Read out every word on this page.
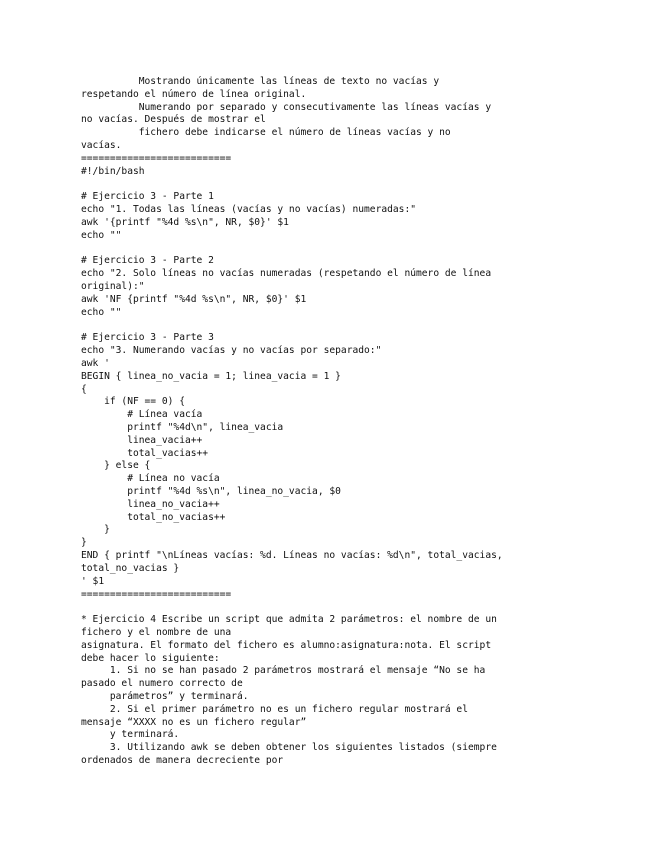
Mostrando únicamente las líneas de texto no vacías y
respetando el número de línea original.
Numerando por separado y consecutivamente las líneas vacías y
no vacías. Después de mostrar el
fichero debe indicarse el número de líneas vacías y no
vacías.
==========================
#!/bin/bash
# Ejercicio 3 - Parte 1
echo "1. Todas las líneas (vacías y no vacías) numeradas:"
awk '{printf "%4d %s\n", NR, $0}' $1
echo ""
# Ejercicio 3 - Parte 2
echo "2. Solo líneas no vacías numeradas (respetando el número de línea
original):"
awk 'NF {printf "%4d %s\n", NR, $0}' $1
echo ""
# Ejercicio 3 - Parte 3
echo "3. Numerando vacías y no vacías por separado:"
awk '
BEGIN { linea_no_vacia = 1; linea_vacia = 1 }
{
if (NF == 0) {
# Línea vacía
printf "%4d\n", linea_vacia
linea_vacia++
total_vacias++
} else {
# Línea no vacía
printf "%4d %s\n", linea_no_vacia, $0
linea_no_vacia++
total_no_vacias++
}
}
END { printf "\nLíneas vacías: %d. Líneas no vacías: %d\n", total_vacias,
total_no_vacias }
' $1
==========================
* Ejercicio 4 Escribe un script que admita 2 parámetros: el nombre de un
fichero y el nombre de una
asignatura. El formato del fichero es alumno:asignatura:nota. El script
debe hacer lo siguiente:
1. Si no se han pasado 2 parámetros mostrará el mensaje “No se ha
pasado el numero correcto de
parámetros” y terminará.
2. Si el primer parámetro no es un fichero regular mostrará el
mensaje “XXXX no es un fichero regular”
y terminará.
3. Utilizando awk se deben obtener los siguientes listados (siempre
ordenados de manera decreciente por
